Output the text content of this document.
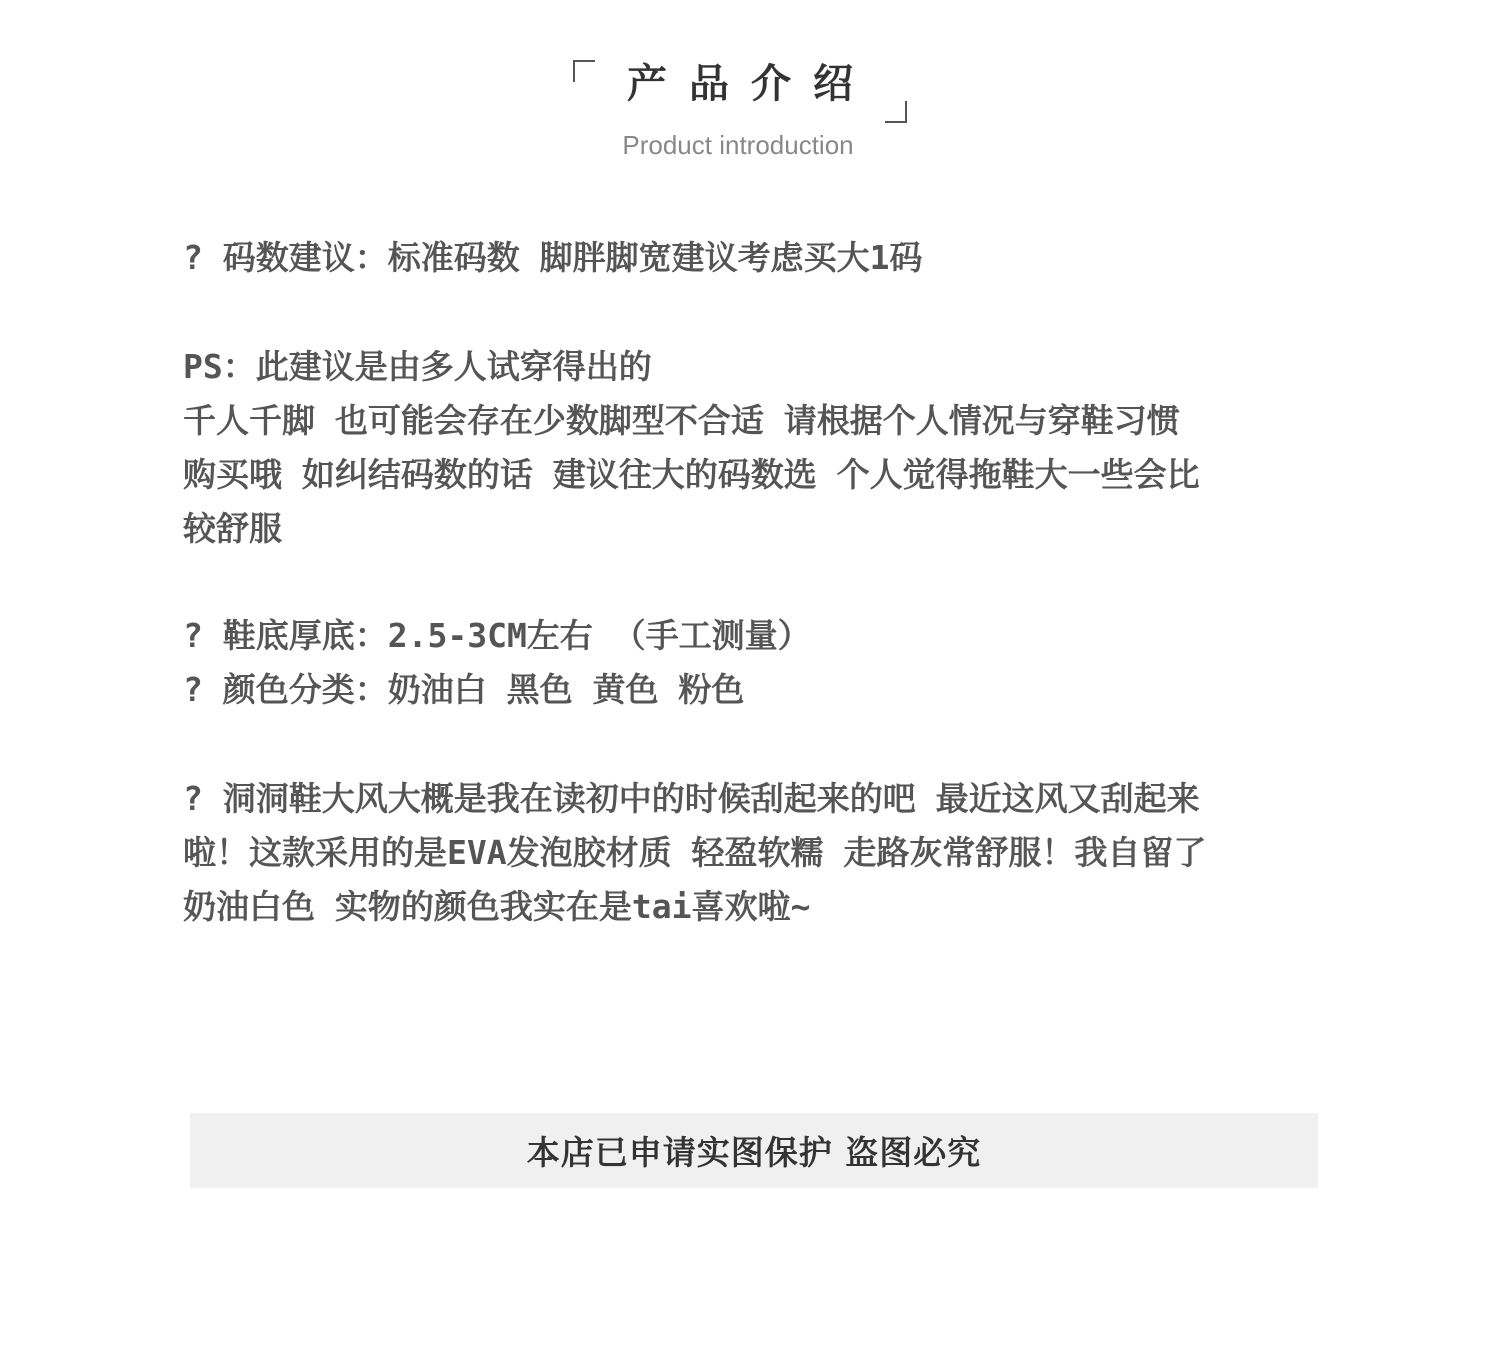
产品介绍
Product introduction
? 码数建议：标准码数 脚胖脚宽建议考虑买大1码
PS：此建议是由多人试穿得出的
千人千脚 也可能会存在少数脚型不合适 请根据个人情况与穿鞋习惯
购买哦 如纠结码数的话 建议往大的码数选 个人觉得拖鞋大一些会比
较舒服
? 鞋底厚底：2.5-3CM左右 （手工测量）
? 颜色分类：奶油白 黑色 黄色 粉色
? 洞洞鞋大风大概是我在读初中的时候刮起来的吧 最近这风又刮起来
啦！这款采用的是EVA发泡胶材质 轻盈软糯 走路灰常舒服！我自留了
奶油白色 实物的颜色我实在是tai喜欢啦~
本店已申请实图保护 盗图必究
